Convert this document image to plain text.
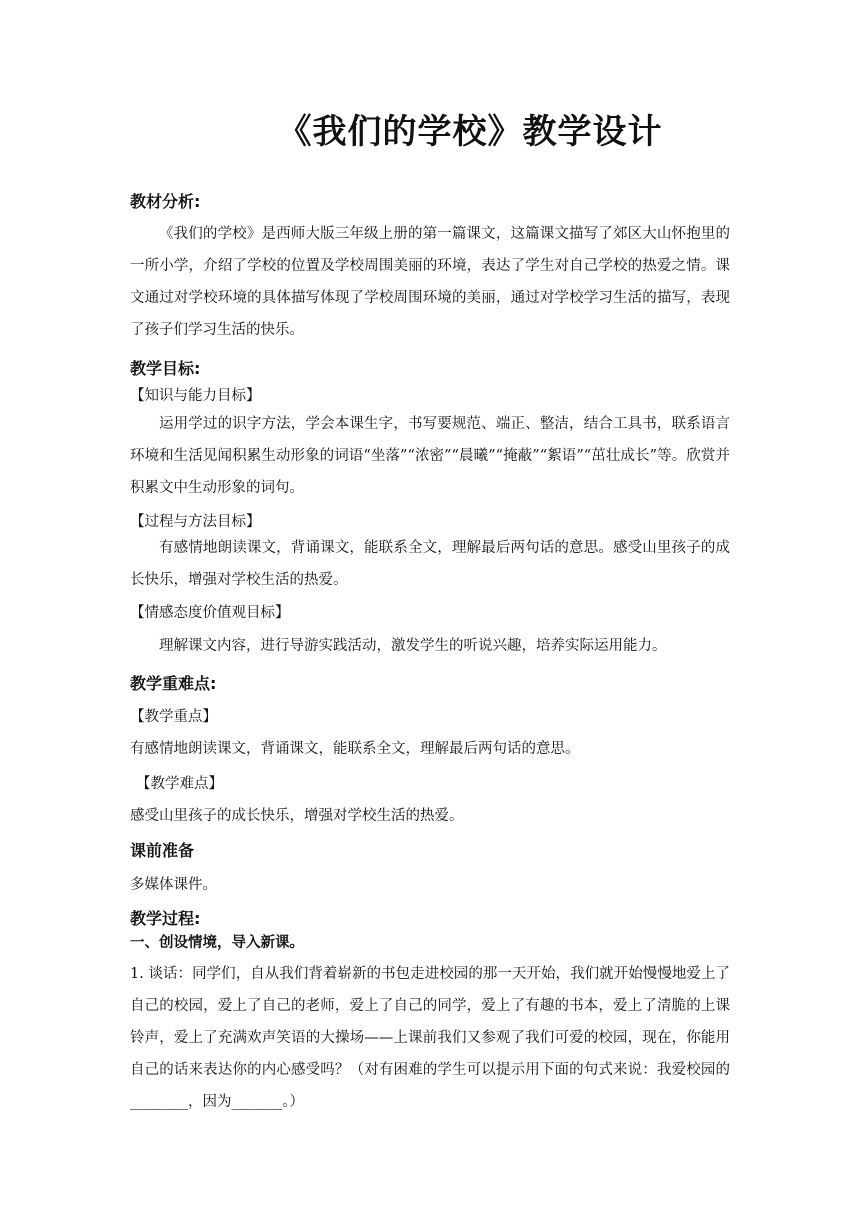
《我们的学校》教学设计
教材分析:
《我们的学校》是西师大版三年级上册的第一篇课文，这篇课文描写了郊区大山怀抱里的一所小学，介绍了学校的位置及学校周围美丽的环境，表达了学生对自己学校的热爱之情。课文通过对学校环境的具体描写体现了学校周围环境的美丽，通过对学校学习生活的描写，表现了孩子们学习生活的快乐。
教学目标:
【知识与能力目标】
运用学过的识字方法，学会本课生字，书写要规范、端正、整洁，结合工具书，联系语言环境和生活见闻积累生动形象的词语“坐落”“浓密”“晨曦”“掩蔽”“絮语”“茁壮成长”等。欣赏并积累文中生动形象的词句。
【过程与方法目标】
有感情地朗读课文，背诵课文，能联系全文，理解最后两句话的意思。感受山里孩子的成长快乐，增强对学校生活的热爱。
【情感态度价值观目标】
理解课文内容，进行导游实践活动，激发学生的听说兴趣，培养实际运用能力。
教学重难点:
【教学重点】
有感情地朗读课文，背诵课文，能联系全文，理解最后两句话的意思。
【教学难点】
感受山里孩子的成长快乐，增强对学校生活的热爱。
课前准备
多媒体课件。
教学过程:
一、创设情境，导入新课。
1. 谈话：同学们，自从我们背着崭新的书包走进校园的那一天开始，我们就开始慢慢地爱上了自己的校园，爱上了自己的老师，爱上了自己的同学，爱上了有趣的书本，爱上了清脆的上课铃声，爱上了充满欢声笑语的大操场——上课前我们又参观了我们可爱的校园，现在，你能用自己的话来表达你的内心感受吗？（对有困难的学生可以提示用下面的句式来说：我爱校园的________，因为_______。）
